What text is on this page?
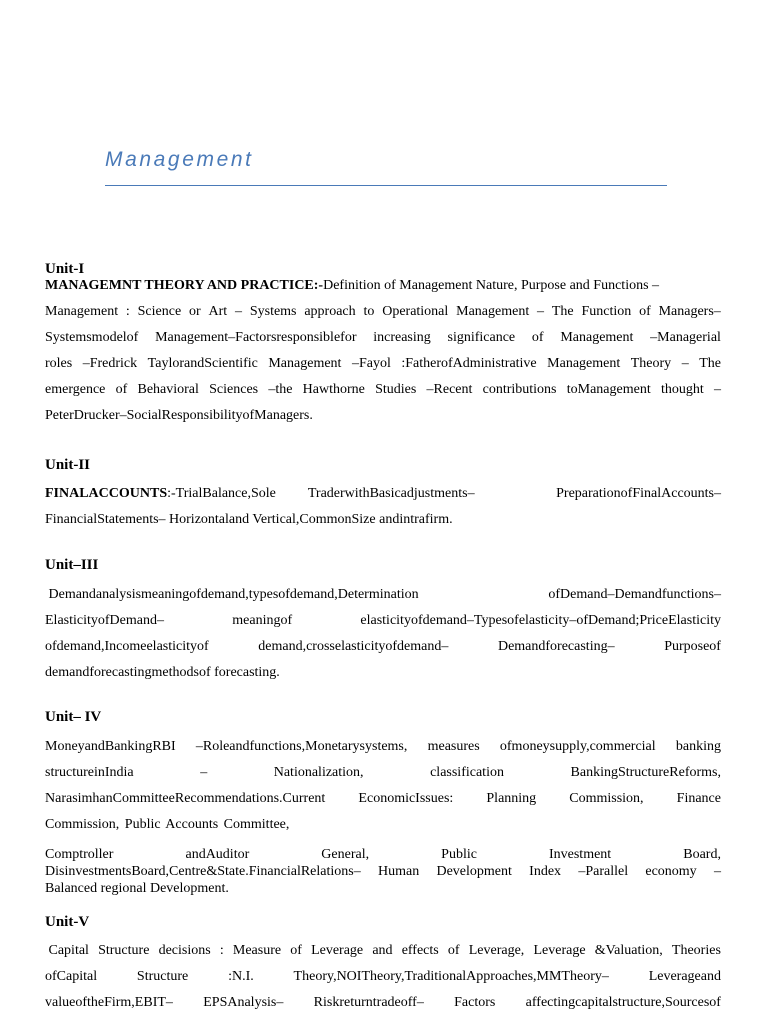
Management
Unit-I
MANAGEMNT THEORY AND PRACTICE:-Definition of Management Nature, Purpose and Functions –
Management : Science or Art – Systems approach to Operational Management – The Function of Managers–
Systemsmodelof Management–Factorsresponsiblefor increasing significance of Management –Managerial
roles –Fredrick TaylorandScientific Management –Fayol :FatherofAdministrative Management Theory – The
emergence of Behavioral Sciences –the Hawthorne Studies –Recent contributions toManagement thought –
PeterDrucker–SocialResponsibilityofManagers.
Unit-II
FINALACCOUNTS:-TrialBalance,Sole TraderwithBasicadjustments–	PreparationofFinalAccounts–
FinancialStatements– Horizontaland Vertical,CommonSize andintrafirm.
Unit–III
Demandanalysismeaningofdemand,typesofdemand,Determination	ofDemand–Demandfunctions–
ElasticityofDemand–	meaningof	elasticityofdemand–Typesofelasticity–ofDemand;PriceElasticity
ofdemand,Incomeelasticityof	demand,crosselasticityofdemand–	Demandforecasting–	Purposeof
demandforecastingmethodsof forecasting.
Unit– IV
MoneyandBankingRBI –Roleandfunctions,Monetarysystems, measures ofmoneysupply,commercial banking
structureinIndia	–	Nationalization,	classification	BankingStructureReforms,
NarasimhanCommitteeRecommendations.Current EconomicIssues: Planning Commission, Finance
Commission, Public Accounts Committee,
Comptroller	andAuditor	General,	Public	Investment	Board,
DisinvestmentsBoard,Centre&State.FinancialRelations– Human Development Index –Parallel economy –
Balanced regional Development.
Unit-V
Capital Structure decisions : Measure of Leverage and effects of Leverage, Leverage &Valuation, Theories
ofCapital	Structure	:N.I.	Theory,NOITheory,TraditionalApproaches,MMTheory–	Leverageand
valueoftheFirm,EBIT– EPSAnalysis– Riskreturntradeoff– Factors affectingcapitalstructure,Sourcesof
